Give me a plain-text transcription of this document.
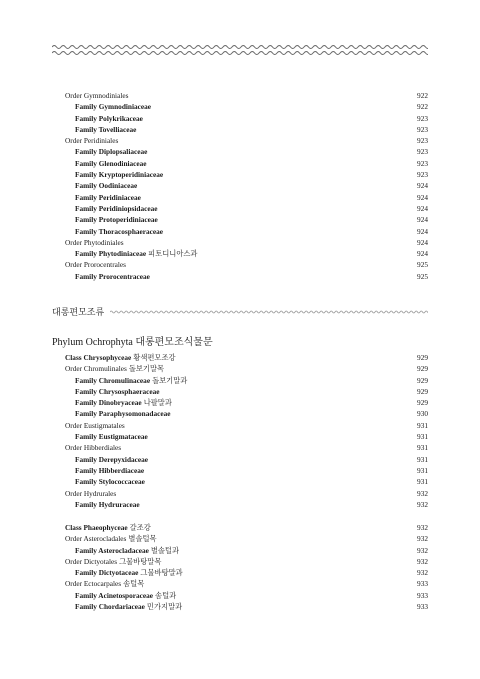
Order Gymnodiniales	922
Family Gymnodiniaceae	922
Family Polykrikaceae	923
Family Tovelliaceae	923
Order Peridiniales	923
Family Diplopsaliaceae	923
Family Glenodiniaceae	923
Family Kryptoperidiniaceae	923
Family Oodiniaceae	924
Family Peridiniaceae	924
Family Peridiniopsidaceae	924
Family Protoperidiniaceae	924
Family Thoracosphaeraceae	924
Order Phytodiniales	924
Family Phytodiniaceae 피토디니아스과	924
Order Prorocentrales	925
Family Prorocentraceae	925
대롱편모조류
Phylum Ochrophyta 대롱편모조식물문
Class Chrysophyceae 황색편모조강	929
Order Chromulinales 돌보기말목	929
Family Chromulinaceae 돌보기말과	929
Family Chrysosphaeraceae	929
Family Dinobryaceae 나팔말과	929
Family Paraphysomonadaceae	930
Order Eustigmatales	931
Family Eustigmataceae	931
Order Hibberdiales	931
Family Derepyxidaceae	931
Family Hibberdiaceae	931
Family Stylococcaceae	931
Order Hydrurales	932
Family Hydruraceae	932
Class Phaeophyceae 갈조강	932
Order Asterocladales 별솔털목	932
Family Asterocladaceae 별솔털과	932
Order Dictyotales 그물바탕말목	932
Family Dictyotaceae 그물바탕말과	932
Order Ectocarpales 솜털목	933
Family Acinetosporaceae 솜털과	933
Family Chordariaceae 민가지말과	933
